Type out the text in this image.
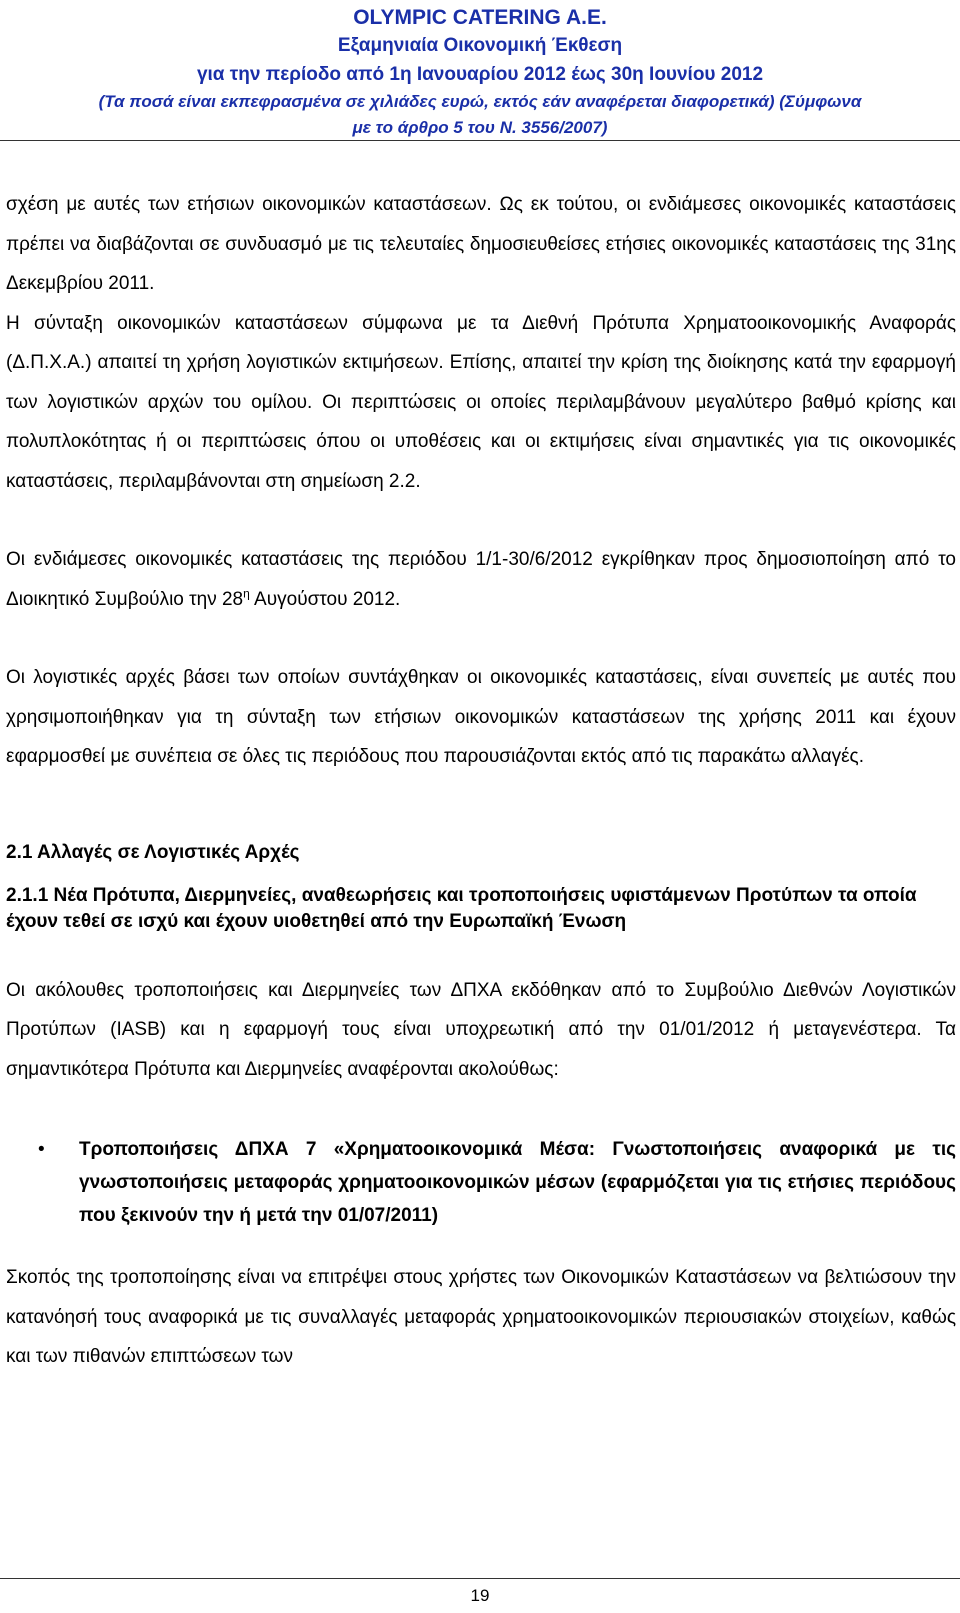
OLYMPIC CATERING A.E.
Εξαμηνιαία Οικονομική Έκθεση
για την περίοδο από 1η Ιανουαρίου 2012 έως 30η Ιουνίου 2012
(Τα ποσά είναι εκπεφρασμένα σε χιλιάδες ευρώ, εκτός εάν αναφέρεται διαφορετικά) (Σύμφωνα
με το άρθρο 5 του Ν. 3556/2007)

σχέση με αυτές των ετήσιων οικονομικών καταστάσεων. Ως εκ τούτου, οι ενδιάμεσες οικονομικές καταστάσεις πρέπει να διαβάζονται σε συνδυασμό με τις τελευταίες δημοσιευθείσες ετήσιες οικονομικές καταστάσεις της 31ης Δεκεμβρίου 2011.

Η σύνταξη οικονομικών καταστάσεων σύμφωνα με τα Διεθνή Πρότυπα Χρηματοοικονομικής Αναφοράς (Δ.Π.Χ.Α.) απαιτεί τη χρήση λογιστικών εκτιμήσεων. Επίσης, απαιτεί την κρίση της διοίκησης κατά την εφαρμογή των λογιστικών αρχών του ομίλου. Οι περιπτώσεις οι οποίες περιλαμβάνουν μεγαλύτερο βαθμό κρίσης και πολυπλοκότητας ή οι περιπτώσεις όπου οι υποθέσεις και οι εκτιμήσεις είναι σημαντικές για τις οικονομικές καταστάσεις, περιλαμβάνονται στη σημείωση 2.2.

Οι ενδιάμεσες οικονομικές καταστάσεις της περιόδου 1/1-30/6/2012 εγκρίθηκαν προς δημοσιοποίηση από το Διοικητικό Συμβούλιο την $28^\eta$ Αυγούστου 2012.

Οι λογιστικές αρχές βάσει των οποίων συντάχθηκαν οι οικονομικές καταστάσεις, είναι συνεπείς με αυτές που χρησιμοποιήθηκαν για τη σύνταξη των ετήσιων οικονομικών καταστάσεων της χρήσης 2011 και έχουν εφαρμοσθεί με συνέπεια σε όλες τις περιόδους που παρουσιάζονται εκτός από τις παρακάτω αλλαγές.

2.1 Αλλαγές σε Λογιστικές Αρχές

2.1.1 Νέα Πρότυπα, Διερμηνείες, αναθεωρήσεις και τροποποιήσεις υφιστάμενων Προτύπων τα οποία έχουν τεθεί σε ισχύ και έχουν υιοθετηθεί από την Ευρωπαϊκή Ένωση

Οι ακόλουθες τροποποιήσεις και Διερμηνείες των ΔΠΧΑ εκδόθηκαν από το Συμβούλιο Διεθνών Λογιστικών Προτύπων (IASB) και η εφαρμογή τους είναι υποχρεωτική από την 01/01/2012 ή μεταγενέστερα. Τα σημαντικότερα Πρότυπα και Διερμηνείες αναφέρονται ακολούθως:

• Τροποποιήσεις ΔΠΧΑ 7 «Χρηματοοικονομικά Μέσα: Γνωστοποιήσεις αναφορικά με τις γνωστοποιήσεις μεταφοράς χρηματοοικονομικών μέσων (εφαρμόζεται για τις ετήσιες περιόδους που ξεκινούν την ή μετά την 01/07/2011)

Σκοπός της τροποποίησης είναι να επιτρέψει στους χρήστες των Οικονομικών Καταστάσεων να βελτιώσουν την κατανόησή τους αναφορικά με τις συναλλαγές μεταφοράς χρηματοοικονομικών περιουσιακών στοιχείων, καθώς και των πιθανών επιπτώσεων των

19
